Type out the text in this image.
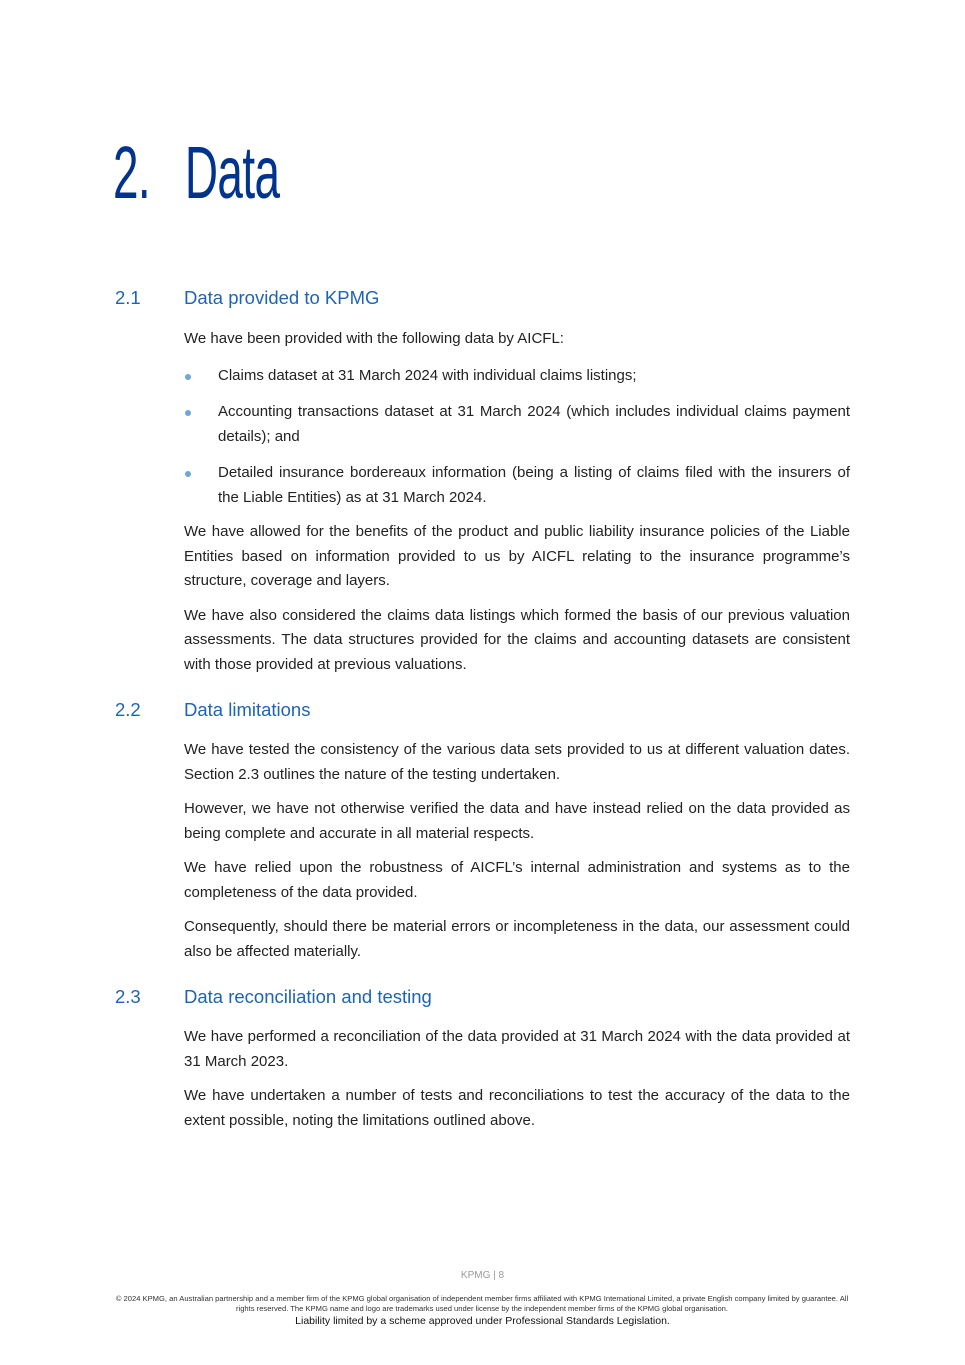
2. Data
2.1 Data provided to KPMG

We have been provided with the following data by AICFL:

Claims dataset at 31 March 2024 with individual claims listings;
Accounting transactions dataset at 31 March 2024 (which includes individual claims payment details); and
Detailed insurance bordereaux information (being a listing of claims filed with the insurers of the Liable Entities) as at 31 March 2024.

We have allowed for the benefits of the product and public liability insurance policies of the Liable Entities based on information provided to us by AICFL relating to the insurance programme’s structure, coverage and layers.

We have also considered the claims data listings which formed the basis of our previous valuation assessments. The data structures provided for the claims and accounting datasets are consistent with those provided at previous valuations.

2.2 Data limitations

We have tested the consistency of the various data sets provided to us at different valuation dates. Section 2.3 outlines the nature of the testing undertaken.

However, we have not otherwise verified the data and have instead relied on the data provided as being complete and accurate in all material respects.

We have relied upon the robustness of AICFL’s internal administration and systems as to the completeness of the data provided.

Consequently, should there be material errors or incompleteness in the data, our assessment could also be affected materially.

2.3 Data reconciliation and testing

We have performed a reconciliation of the data provided at 31 March 2024 with the data provided at 31 March 2023.

We have undertaken a number of tests and reconciliations to test the accuracy of the data to the extent possible, noting the limitations outlined above.

KPMG | 8
© 2024 KPMG, an Australian partnership and a member firm of the KPMG global organisation of independent member firms affiliated with KPMG International Limited, a private English company limited by guarantee. All rights reserved. The KPMG name and logo are trademarks used under license by the independent member firms of the KPMG global organisation.
Liability limited by a scheme approved under Professional Standards Legislation.
